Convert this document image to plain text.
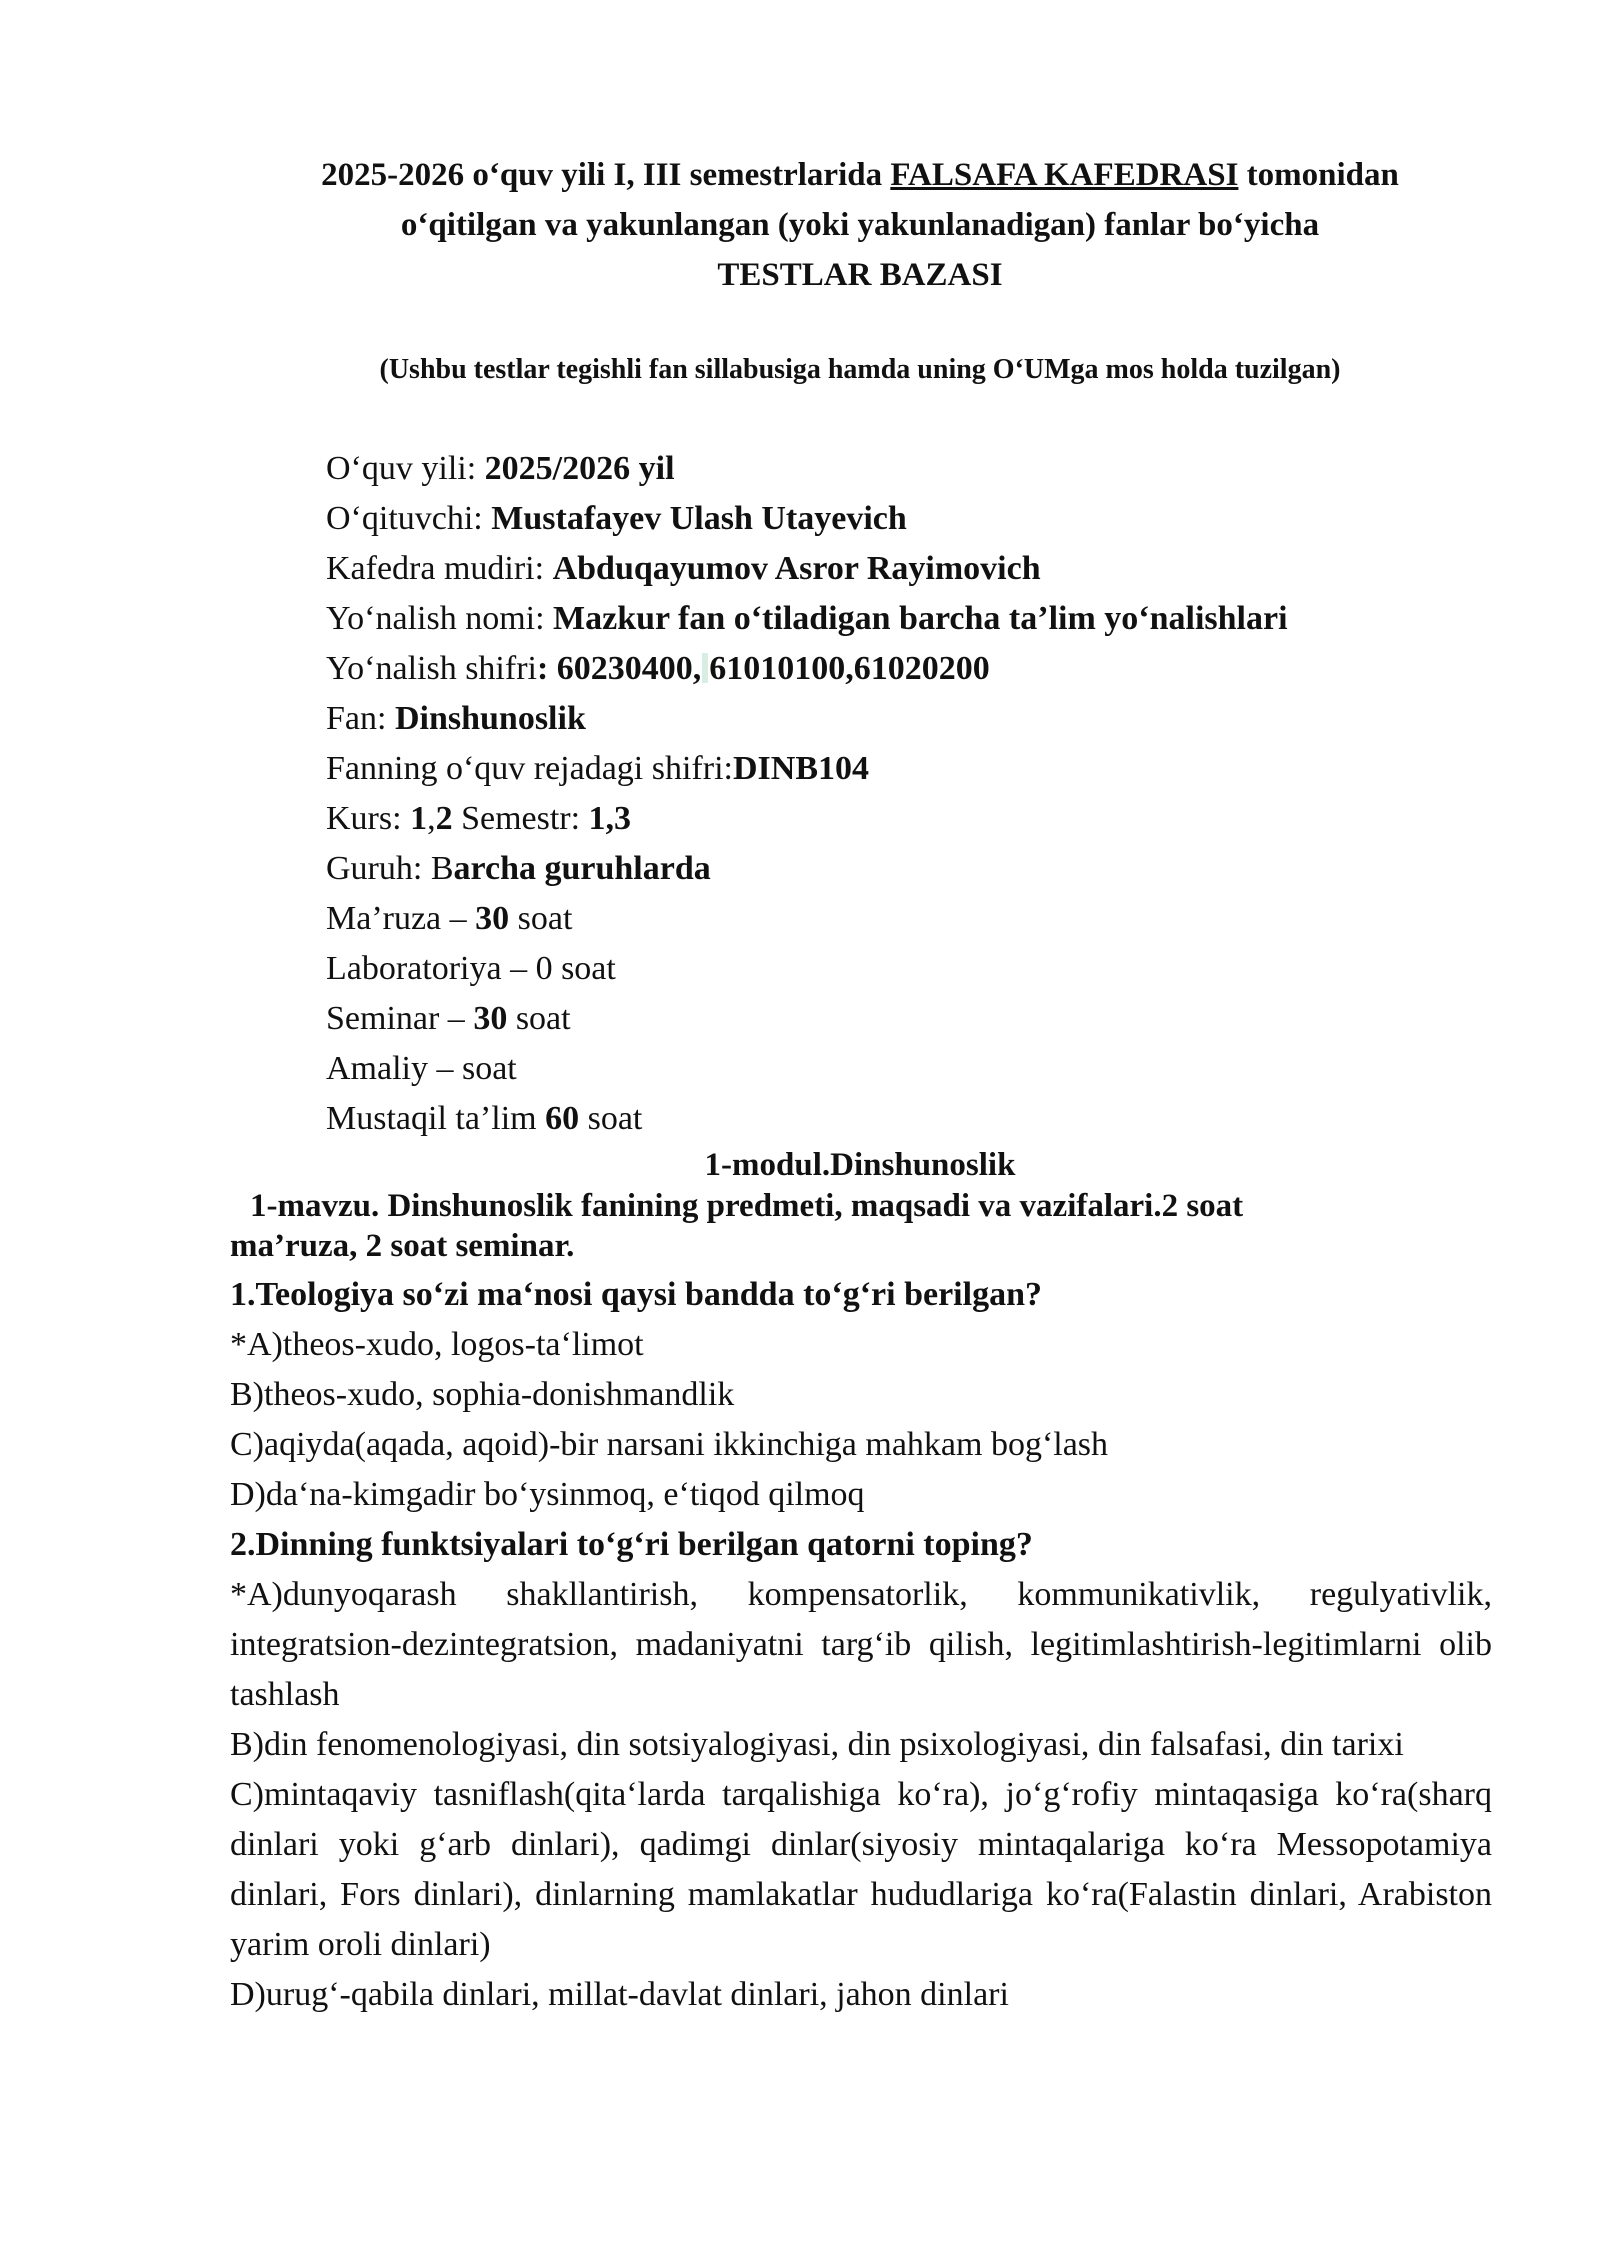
2025-2026 o‘quv yili I, III semestrlarida FALSAFA KAFEDRASI tomonidan
o‘qitilgan va yakunlangan (yoki yakunlanadigan) fanlar bo‘yicha
TESTLAR BAZASI
(Ushbu testlar tegishli fan sillabusiga hamda uning O‘UMga mos holda tuzilgan)
O‘quv yili: 2025/2026 yil
O‘qituvchi: Mustafayev Ulash Utayevich
Kafedra mudiri: Abduqayumov Asror Rayimovich
Yo‘nalish nomi: Mazkur fan o‘tiladigan barcha ta’lim yo‘nalishlari
Yo‘nalish shifri: 60230400, 61010100,61020200
Fan: Dinshunoslik
Fanning o‘quv rejadagi shifri:DINB104
Kurs: 1,2 Semestr: 1,3
Guruh: Barcha guruhlarda
Ma’ruza – 30 soat
Laboratoriya – 0 soat
Seminar – 30 soat
Amaliy – soat
Mustaqil ta’lim 60 soat
1-modul.Dinshunoslik
1-mavzu. Dinshunoslik fanining predmeti, maqsadi va vazifalari.2 soat
ma’ruza, 2 soat seminar.
1.Teologiya so‘zi ma‘nosi qaysi bandda to‘g‘ri berilgan?
*A)theos-xudo, logos-ta‘limot
B)theos-xudo, sophia-donishmandlik
C)aqiyda(aqada, aqoid)-bir narsani ikkinchiga mahkam bog‘lash
D)da‘na-kimgadir bo‘ysinmoq, e‘tiqod qilmoq
2.Dinning funktsiyalari to‘g‘ri berilgan qatorni toping?
*A)dunyoqarash shakllantirish, kompensatorlik, kommunikativlik, regulyativlik, integratsion-dezintegratsion, madaniyatni targ‘ib qilish, legitimlashtirish-legitimlarni olib tashlash
B)din fenomenologiyasi, din sotsiyalogiyasi, din psixologiyasi, din falsafasi, din tarixi
C)mintaqaviy tasniflash(qita‘larda tarqalishiga ko‘ra), jo‘g‘rofiy mintaqasiga ko‘ra(sharq dinlari yoki g‘arb dinlari), qadimgi dinlar(siyosiy mintaqalariga ko‘ra Messopotamiya dinlari, Fors dinlari), dinlarning mamlakatlar hududlariga ko‘ra(Falastin dinlari, Arabiston yarim oroli dinlari)
D)urug‘-qabila dinlari, millat-davlat dinlari, jahon dinlari
